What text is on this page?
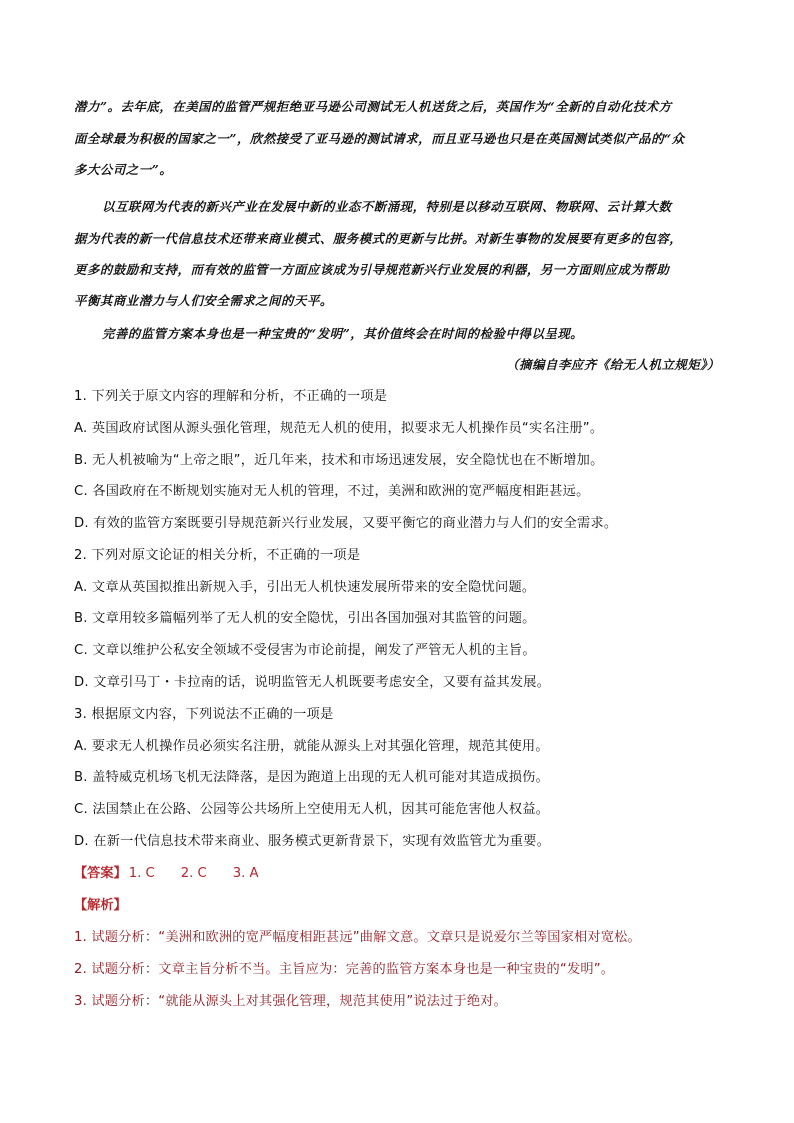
潜力”。去年底，在美国的监管严规拒绝亚马逊公司测试无人机送货之后，英国作为“全新的自动化技术方
面全球最为积极的国家之一”，欣然接受了亚马逊的测试请求，而且亚马逊也只是在英国测试类似产品的“众
多大公司之一”。
以互联网为代表的新兴产业在发展中新的业态不断涌现，特别是以移动互联网、物联网、云计算大数
据为代表的新一代信息技术还带来商业模式、服务模式的更新与比拼。对新生事物的发展要有更多的包容，
更多的鼓励和支持，而有效的监管一方面应该成为引导规范新兴行业发展的利器，另一方面则应成为帮助
平衡其商业潜力与人们安全需求之间的天平。
完善的监管方案本身也是一种宝贵的“发明”，其价值终会在时间的检验中得以呈现。
（摘编自李应齐《给无人机立规矩》）
1. 下列关于原文内容的理解和分析，不正确的一项是
A. 英国政府试图从源头强化管理，规范无人机的使用，拟要求无人机操作员“实名注册”。
B. 无人机被喻为“上帝之眼”，近几年来，技术和市场迅速发展，安全隐忧也在不断增加。
C. 各国政府在不断规划实施对无人机的管理，不过，美洲和欧洲的宽严幅度相距甚远。
D. 有效的监管方案既要引导规范新兴行业发展，又要平衡它的商业潜力与人们的安全需求。
2. 下列对原文论证的相关分析，不正确的一项是
A. 文章从英国拟推出新规入手，引出无人机快速发展所带来的安全隐忧问题。
B. 文章用较多篇幅列举了无人机的安全隐忧，引出各国加强对其监管的问题。
C. 文章以维护公私安全领域不受侵害为市论前提，阐发了严管无人机的主旨。
D. 文章引马丁・卡拉南的话，说明监管无人机既要考虑安全，又要有益其发展。
3. 根据原文内容，下列说法不正确的一项是
A. 要求无人机操作员必须实名注册，就能从源头上对其强化管理，规范其使用。
B. 盖特威克机场飞机无法降落，是因为跑道上出现的无人机可能对其造成损伤。
C. 法国禁止在公路、公园等公共场所上空使用无人机，因其可能危害他人权益。
D. 在新一代信息技术带来商业、服务模式更新背景下，实现有效监管尤为重要。
【答案】 1. C 2. C 3. A
【解析】
1. 试题分析：“美洲和欧洲的宽严幅度相距甚远”曲解文意。文章只是说爱尔兰等国家相对宽松。
2. 试题分析：文章主旨分析不当。主旨应为：完善的监管方案本身也是一种宝贵的“发明”。
3. 试题分析：“就能从源头上对其强化管理，规范其使用”说法过于绝对。
